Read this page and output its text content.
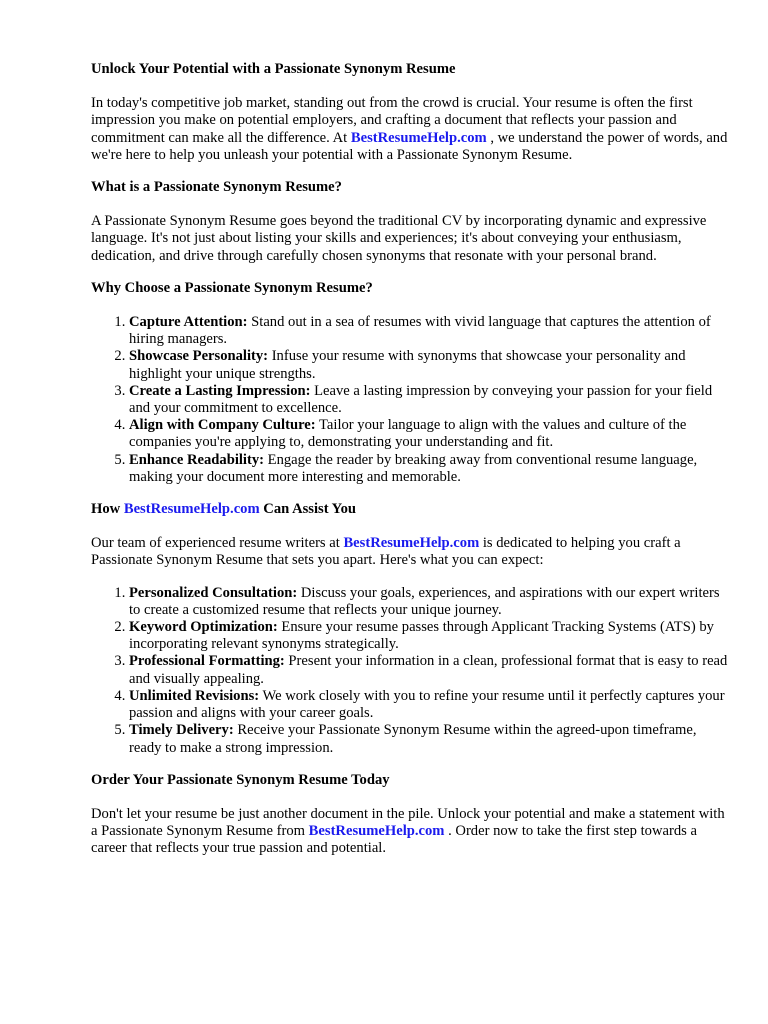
Unlock Your Potential with a Passionate Synonym Resume

In today's competitive job market, standing out from the crowd is crucial. Your resume is often the first impression you make on potential employers, and crafting a document that reflects your passion and commitment can make all the difference. At BestResumeHelp.com , we understand the power of words, and we're here to help you unleash your potential with a Passionate Synonym Resume.

What is a Passionate Synonym Resume?

A Passionate Synonym Resume goes beyond the traditional CV by incorporating dynamic and expressive language. It's not just about listing your skills and experiences; it's about conveying your enthusiasm, dedication, and drive through carefully chosen synonyms that resonate with your personal brand.

Why Choose a Passionate Synonym Resume?
1. Capture Attention: Stand out in a sea of resumes with vivid language that captures the attention of hiring managers.
2. Showcase Personality: Infuse your resume with synonyms that showcase your personality and highlight your unique strengths.
3. Create a Lasting Impression: Leave a lasting impression by conveying your passion for your field and your commitment to excellence.
4. Align with Company Culture: Tailor your language to align with the values and culture of the companies you're applying to, demonstrating your understanding and fit.
5. Enhance Readability: Engage the reader by breaking away from conventional resume language, making your document more interesting and memorable.
How BestResumeHelp.com Can Assist You

Our team of experienced resume writers at BestResumeHelp.com is dedicated to helping you craft a Passionate Synonym Resume that sets you apart. Here's what you can expect:

1. Personalized Consultation: Discuss your goals, experiences, and aspirations with our expert writers to create a customized resume that reflects your unique journey.
2. Keyword Optimization: Ensure your resume passes through Applicant Tracking Systems (ATS) by incorporating relevant synonyms strategically.
3. Professional Formatting: Present your information in a clean, professional format that is easy to read and visually appealing.
4. Unlimited Revisions: We work closely with you to refine your resume until it perfectly captures your passion and aligns with your career goals.
5. Timely Delivery: Receive your Passionate Synonym Resume within the agreed-upon timeframe, ready to make a strong impression.
Order Your Passionate Synonym Resume Today

Don't let your resume be just another document in the pile. Unlock your potential and make a statement with a Passionate Synonym Resume from BestResumeHelp.com . Order now to take the first step towards a career that reflects your true passion and potential.
